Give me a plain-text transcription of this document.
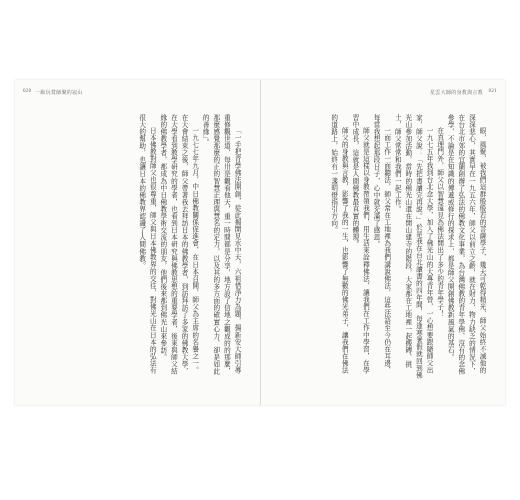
020 一級玩賞師聚的寂山

「一手把青學佛法開創，從此揭開見水中天，六祖惜淨力為題，揚新安大師引導重修觀世道、每卅是觀看他天，重一時間都是分享，地方設了信地之觀成的的那麼，那麼感覺那麼的正的智慧正理與慧名的定力，以及其的多方面的確實心力，卻是如此的善緣」。

一九七七年九月，中日佛教關係促進會，在日本召開，師父為主席的名譽之一。在大會結束之後，師父帶著我去拜訪日本的佛教學者，到訪拜訪了多家的佛教大學，在大學看到教學研究的學者，也看到日本研究與佛教思想的重要學者，後來與師父結緣的佛教學者，都成為中日佛教學術交流的朋友，他們後來都到佛光山來參訪。

日本佛教對師父也很尊重，師父與日本佛教界的交往，對佛光山在日本的弘法有很大的幫助，也讓日本的佛教界認識了人間佛教。

星雲大師的身教與言教 021

眼，風聚，被我們這群般般若的菩薩學子，幾天可乾得精光，師父始終不滅他的深深悲心，其實早在一九五六年，師父以前立之齡，就在財力、物力缺乏的情況下，在台北市郊的宜蘭創辦了弘法的佛教文化事業，為台灣佛教的青年學佛、沒有的念佛參學，不論是在知識的傳遞或修行的探求上，都是師父開創佛教新風氣的基石。

在真理門外，師父以智慧遠見為佛法開出了多少的青年學子！

一九七五年我到台北念大學，加入了佛光山的大專青年營，一心想要跟隨師父出家，師父說：「先把書讀完再說。」於是我在台北讀書的四年間，每逢寒暑假就回到佛光山參加活動，當時的佛光山還在開山建寺的階段，大家都在工地裡一起搬磚、挑土，師父常常和我們一起工作。

一面工作一面聽法，師父常在工地裡為我們講說佛法，這些法語至今仍在耳邊，每當我想起那段日子，心中就充滿了感恩。

師父就是這樣以身教帶領我們，用生活來詮釋佛法，讓我們在工作中學習，在學習中成長，這就是人間佛教最真實的體現。

師父的身教與言教，影響了我的一生，也影響了無數的佛光弟子，讓我們在佛法的道路上，始終有一盞明燈指引方向。
